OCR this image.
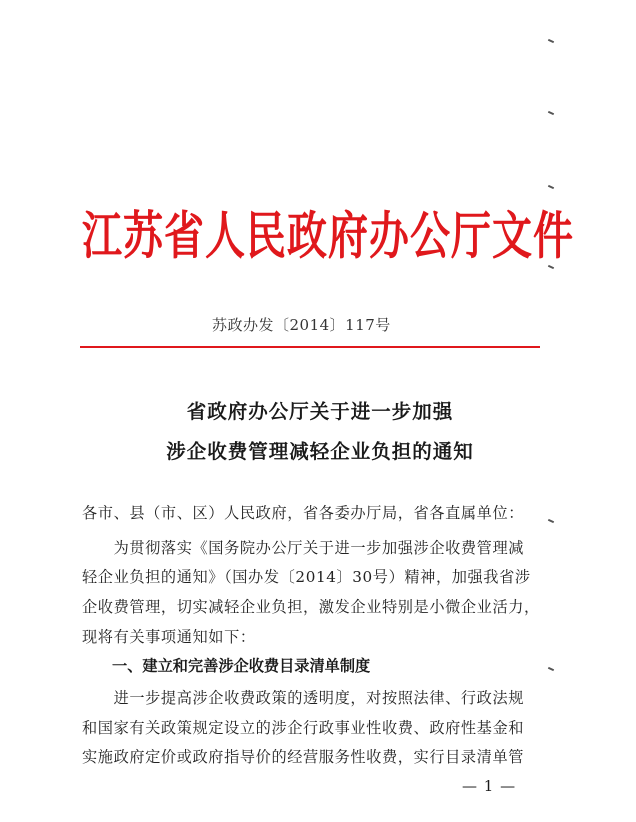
江苏省人民政府办公厅文件
苏政办发〔2014〕117号
省政府办公厅关于进一步加强
涉企收费管理减轻企业负担的通知
各市、县（市、区）人民政府，省各委办厅局，省各直属单位：
　　为贯彻落实《国务院办公厅关于进一步加强涉企收费管理减
轻企业负担的通知》（国办发〔2014〕30号）精神，加强我省涉
企收费管理，切实减轻企业负担，激发企业特别是小微企业活力，
现将有关事项通知如下：
一、建立和完善涉企收费目录清单制度
　　进一步提高涉企收费政策的透明度，对按照法律、行政法规
和国家有关政策规定设立的涉企行政事业性收费、政府性基金和
实施政府定价或政府指导价的经营服务性收费，实行目录清单管
— 1 —
